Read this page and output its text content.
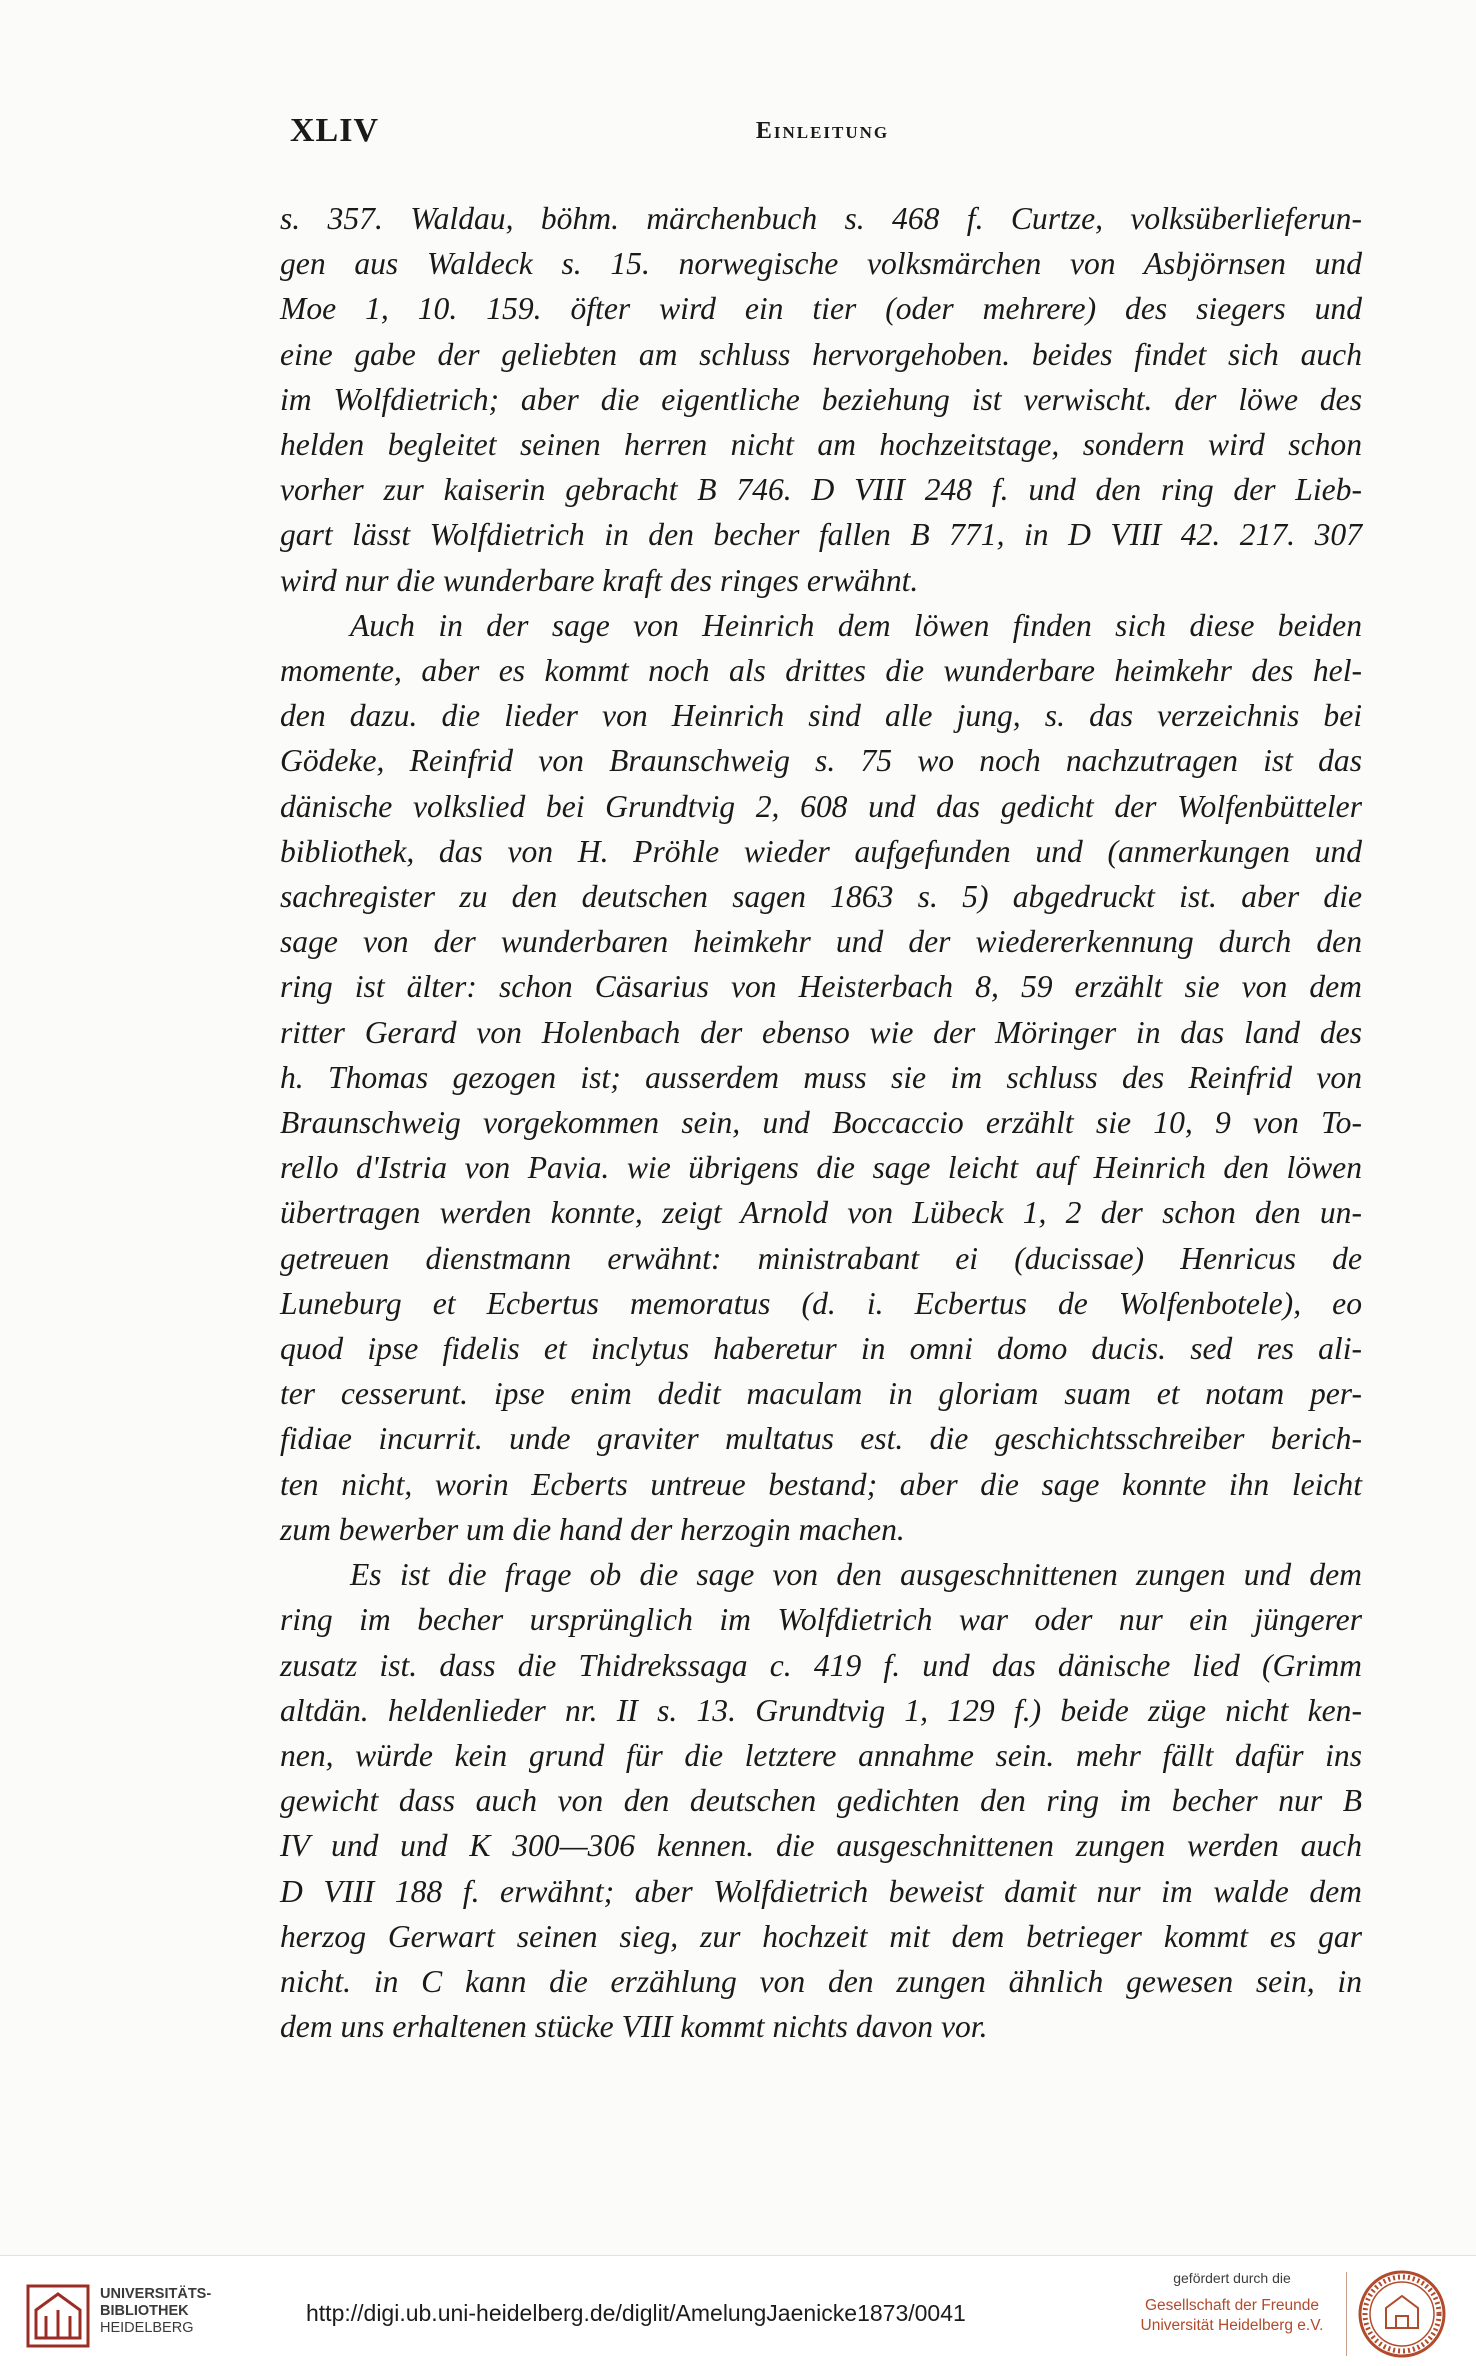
XLIV	Einleitung

s. 357. Waldau, böhm. märchenbuch s. 468 f. Curtze, volksüberlieferun-
gen aus Waldeck s. 15. norwegische volksmärchen von Asbjörnsen und
Moe 1, 10. 159. öfter wird ein tier (oder mehrere) des siegers und
eine gabe der geliebten am schluss hervorgehoben. beides findet sich auch
im Wolfdietrich; aber die eigentliche beziehung ist verwischt. der löwe des
helden begleitet seinen herren nicht am hochzeitstage, sondern wird schon
vorher zur kaiserin gebracht B 746. D VIII 248 f. und den ring der Lieb-
gart lässt Wolfdietrich in den becher fallen B 771, in D VIII 42. 217. 307
wird nur die wunderbare kraft des ringes erwähnt.

Auch in der sage von Heinrich dem löwen finden sich diese beiden
momente, aber es kommt noch als drittes die wunderbare heimkehr des hel-
den dazu. die lieder von Heinrich sind alle jung, s. das verzeichnis bei
Gödeke, Reinfrid von Braunschweig s. 75 wo noch nachzutragen ist das
dänische volkslied bei Grundtvig 2, 608 und das gedicht der Wolfenbütteler
bibliothek, das von H. Pröhle wieder aufgefunden und (anmerkungen und
sachregister zu den deutschen sagen 1863 s. 5) abgedruckt ist. aber die
sage von der wunderbaren heimkehr und der wiedererkennung durch den
ring ist älter: schon Cäsarius von Heisterbach 8, 59 erzählt sie von dem
ritter Gerard von Holenbach der ebenso wie der Möringer in das land des
h. Thomas gezogen ist; ausserdem muss sie im schluss des Reinfrid von
Braunschweig vorgekommen sein, und Boccaccio erzählt sie 10, 9 von To-
rello d'Istria von Pavia. wie übrigens die sage leicht auf Heinrich den löwen
übertragen werden konnte, zeigt Arnold von Lübeck 1, 2 der schon den un-
getreuen dienstmann erwähnt: ministrabant ei (ducissae) Henricus de
Luneburg et Ecbertus memoratus (d. i. Ecbertus de Wolfenbotele), eo
quod ipse fidelis et inclytus haberetur in omni domo ducis. sed res ali-
ter cesserunt. ipse enim dedit maculam in gloriam suam et notam per-
fidiae incurrit. unde graviter multatus est. die geschichtsschreiber berich-
ten nicht, worin Ecberts untreue bestand; aber die sage konnte ihn leicht
zum bewerber um die hand der herzogin machen.

Es ist die frage ob die sage von den ausgeschnittenen zungen und dem
ring im becher ursprünglich im Wolfdietrich war oder nur ein jüngerer
zusatz ist. dass die Thidrekssaga c. 419 f. und das dänische lied (Grimm
altdän. heldenlieder nr. II s. 13. Grundtvig 1, 129 f.) beide züge nicht ken-
nen, würde kein grund für die letztere annahme sein. mehr fällt dafür ins
gewicht dass auch von den deutschen gedichten den ring im becher nur B
IV und und K 300—306 kennen. die ausgeschnittenen zungen werden auch
D VIII 188 f. erwähnt; aber Wolfdietrich beweist damit nur im walde dem
herzog Gerwart seinen sieg, zur hochzeit mit dem betrieger kommt es gar
nicht. in C kann die erzählung von den zungen ähnlich gewesen sein, in
dem uns erhaltenen stücke VIII kommt nichts davon vor.

UNIVERSITÄTS-
BIBLIOTHEK
HEIDELBERG
http://digi.ub.uni-heidelberg.de/diglit/AmelungJaenicke1873/0041
gefördert durch die
Gesellschaft der Freunde
Universität Heidelberg e.V.
